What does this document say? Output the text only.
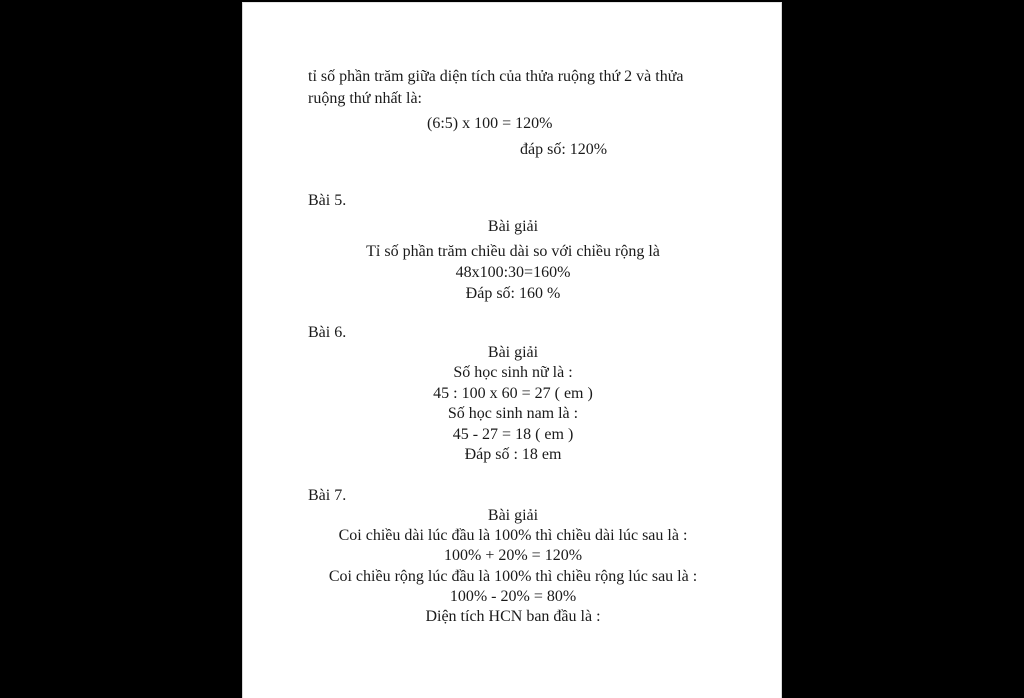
tỉ số phần trăm giữa diện tích của thửa ruộng thứ 2 và thửa
ruộng thứ nhất là:
(6:5) x 100 = 120%
đáp số: 120%
Bài 5.
Bài giải
Tỉ số phần trăm chiều dài so với chiều rộng là
48x100:30=160%
Đáp số: 160 %
Bài 6.
Bài giải
Số học sinh nữ là :
45 : 100 x 60 = 27 ( em )
Số học sinh nam là :
45 - 27 = 18 ( em )
Đáp số : 18 em
Bài 7.
Bài giải
Coi chiều dài lúc đầu là 100% thì chiều dài lúc sau là :
100% + 20% = 120%
Coi chiều rộng lúc đầu là 100% thì chiều rộng lúc sau là :
100% - 20% = 80%
Diện tích HCN ban đầu là :
